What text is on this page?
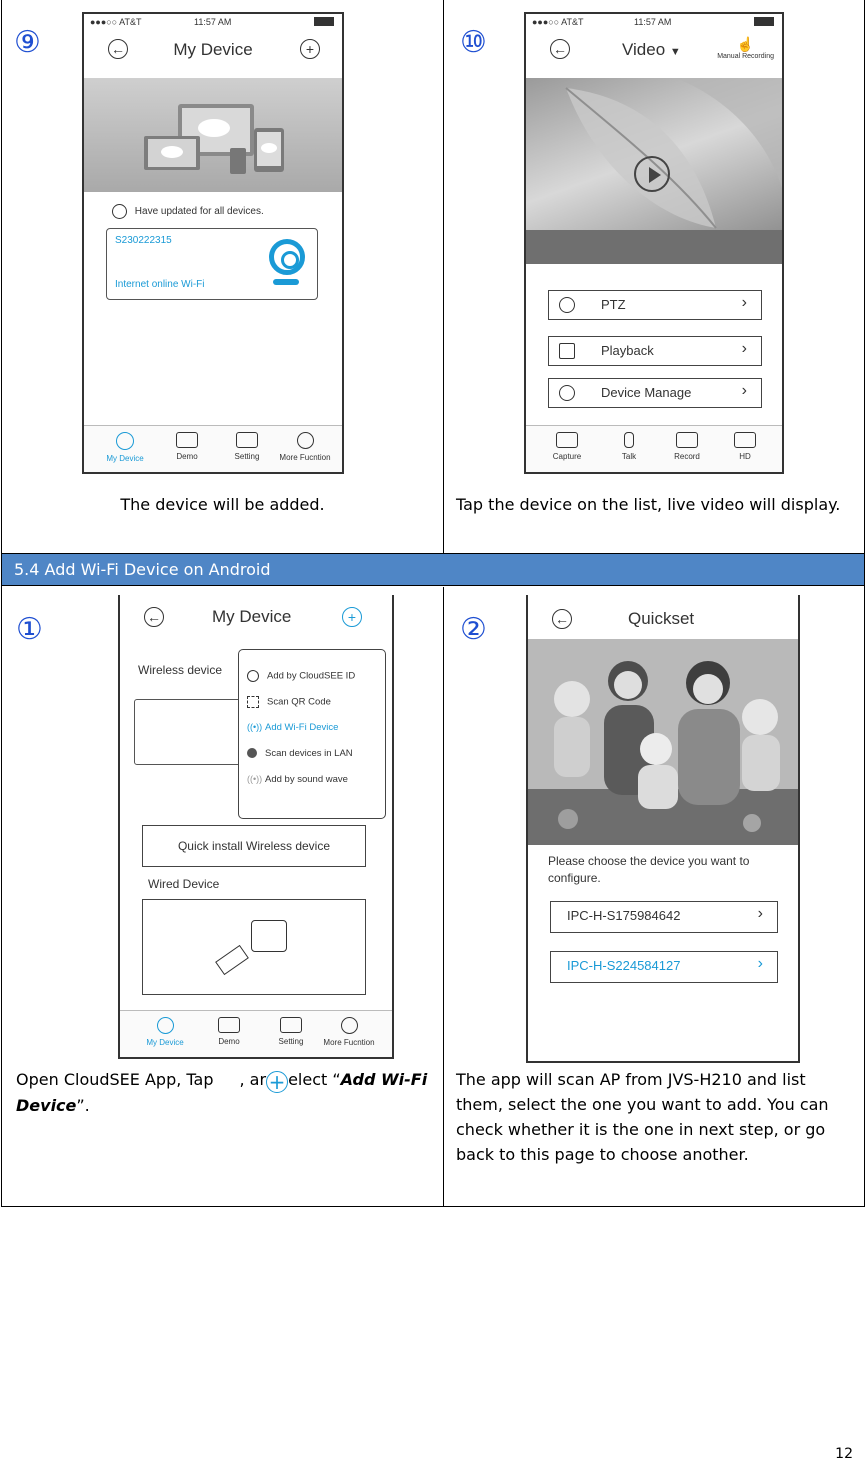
⑨
●●●○○ AT&T	11:57 AM
←	My Device	+
Have updated for all devices.
S230222315
Internet online Wi-Fi
My Device	Demo	Setting	More Fucntion
The device will be added.
⑩
●●●○○ AT&T	11:57 AM
←	Video ▼	☝
Manual Recording
PTZ	›
Playback	›
Device Manage	›
Capture	Talk	Record	HD
Tap the device on the list, live video will display.
5.4 Add Wi-Fi Device on Android
①	←	My Device	+
Wireless device	Add by CloudSEE ID
Scan QR Code
((•)) Add Wi-Fi Device
Scan devices in LAN
((•)) Add by sound wave
Quick install Wireless device
Wired Device
My Device	Demo	Setting	More Fucntion
Open CloudSEE App, Tap , ar + elect “Add Wi-Fi Device”.
②	←	Quickset
Please choose the device you want to configure.
IPC-H-S175984642	›
IPC-H-S224584127	›
The app will scan AP from JVS-H210 and list them, select the one you want to add. You can check whether it is the one in next step, or go back to this page to choose another.
12
